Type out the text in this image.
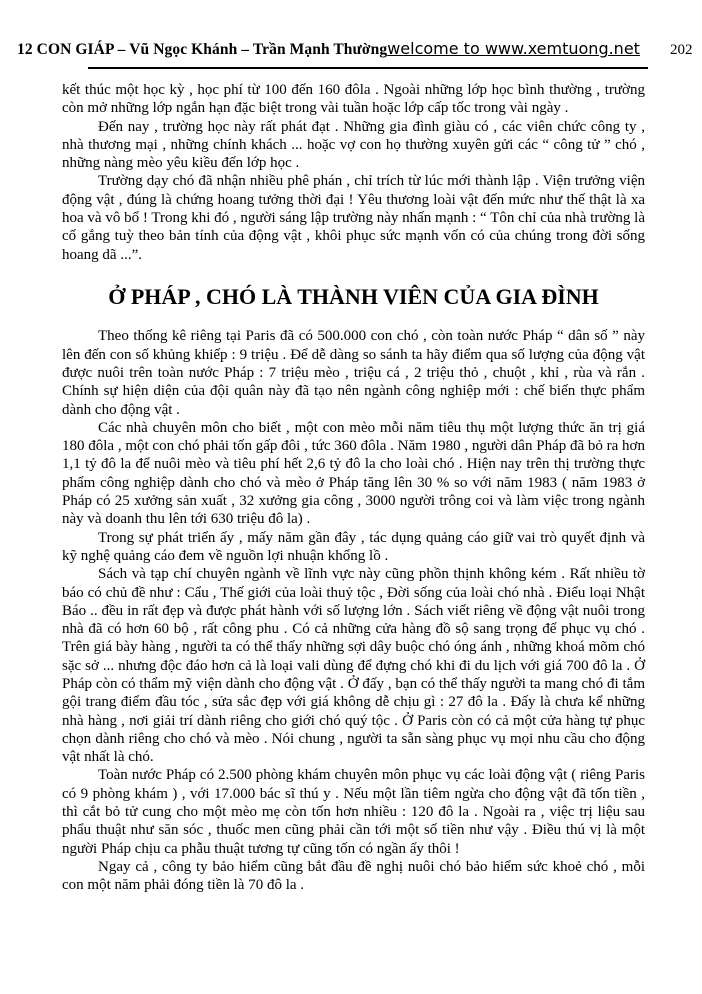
12 CON GIÁP – Vũ Ngọc Khánh – Trần Mạnh Thường welcome to www.xemtuong.net 202

kết thúc một học kỳ , học phí từ 100 đến 160 đôla . Ngoài những lớp học bình thường , trường còn mở những lớp ngắn hạn đặc biệt trong vài tuần hoặc lớp cấp tốc trong vài ngày .

Đến nay , trường học này rất phát đạt . Những gia đình giàu có , các viên chức công ty , nhà thương mại , những chính khách ... hoặc vợ con họ thường xuyên gửi các “ công tử ” chó , những nàng mèo yêu kiều đến lớp học .

Trường dạy chó đã nhận nhiều phê phán , chỉ trích từ lúc mới thành lập . Viện trưởng viện động vật , đúng là chứng hoang tưởng thời đại ! Yêu thương loài vật đến mức như thế thật là xa hoa và vô bổ ! Trong khi đó , người sáng lập trường này nhấn mạnh : “ Tôn chỉ của nhà trường là cố gắng tuỳ theo bản tính của động vật , khôi phục sức mạnh vốn có của chúng trong đời sống hoang dã ...”.

Ở PHÁP , CHÓ LÀ THÀNH VIÊN CỦA GIA ĐÌNH

Theo thống kê riêng tại Paris đã có 500.000 con chó , còn toàn nước Pháp “ dân số ” này lên đến con số khủng khiếp : 9 triệu . Để dễ dàng so sánh ta hãy điểm qua số lượng của động vật được nuôi trên toàn nước Pháp : 7 triệu mèo , triệu cá , 2 triệu thỏ , chuột , khỉ , rùa và rắn . Chính sự hiện diện của đội quân này đã tạo nên ngành công nghiệp mới : chế biến thực phẩm dành cho động vật .

Các nhà chuyên môn cho biết , một con mèo mỗi năm tiêu thụ một lượng thức ăn trị giá 180 đôla , một con chó phải tốn gấp đôi , tức 360 đôla . Năm 1980 , người dân Pháp đã bỏ ra hơn 1,1 tỷ đô la để nuôi mèo và tiêu phí hết 2,6 tỷ đô la cho loài chó . Hiện nay trên thị trường thực phẩm công nghiệp dành cho chó và mèo ở Pháp tăng lên 30 % so với năm 1983 ( năm 1983 ở Pháp có 25 xưởng sản xuất , 32 xưởng gia công , 3000 người trông coi và làm việc trong ngành này và doanh thu lên tới 630 triệu đô la) .

Trong sự phát triển ấy , mấy năm gần đây , tác dụng quảng cáo giữ vai trò quyết định và kỹ nghệ quảng cáo đem về nguồn lợi nhuận khổng lồ .

Sách và tạp chí chuyên ngành về lĩnh vực này cũng phồn thịnh không kém . Rất nhiều tờ báo có chủ đề như : Cẩu , Thế giới của loài thuỷ tộc , Đời sống của loài chó nhà . Điểu loại Nhật Báo .. đều in rất đẹp và được phát hành với số lượng lớn . Sách viết riêng về động vật nuôi trong nhà đã có hơn 60 bộ , rất công phu . Có cả những cửa hàng đồ sộ sang trọng để phục vụ chó . Trên giá bày hàng , người ta có thể thấy những sợi dây buộc chó óng ánh , những khoá mõm chó sặc sở ... nhưng độc đáo hơn cả là loại vali dùng để đựng chó khi đi du lịch với giá 700 đô la . Ở Pháp còn có thẩm mỹ viện dành cho động vật . Ở đấy , bạn có thể thấy người ta mang chó đi tắm gội trang điểm đầu tóc , sửa sắc đẹp với giá không dễ chịu gì : 27 đô la . Đấy là chưa kể những nhà hàng , nơi giải trí dành riêng cho giới chó quý tộc . Ở Paris còn có cả một cửa hàng tự phục chọn dành riêng cho chó và mèo . Nói chung , người ta sẵn sàng phục vụ mọi nhu cầu cho động vật nhất là chó.

Toàn nước Pháp có 2.500 phòng khám chuyên môn phục vụ các loài động vật ( riêng Paris có 9 phòng khám ) , với 17.000 bác sĩ thú y . Nếu một lần tiêm ngừa cho động vật đã tốn tiền , thì cắt bỏ tử cung cho một mèo mẹ còn tốn hơn nhiều : 120 đô la . Ngoài ra , việc trị liệu sau phẩu thuật như săn sóc , thuốc men cũng phải cần tới một số tiền như vậy . Điều thú vị là một người Pháp chịu ca phẫu thuật tương tự cũng tốn có ngần ấy thôi !

Ngay cả , công ty bảo hiểm cũng bắt đầu đề nghị nuôi chó bảo hiểm sức khoẻ chó , mỗi con một năm phải đóng tiền là 70 đô la .
